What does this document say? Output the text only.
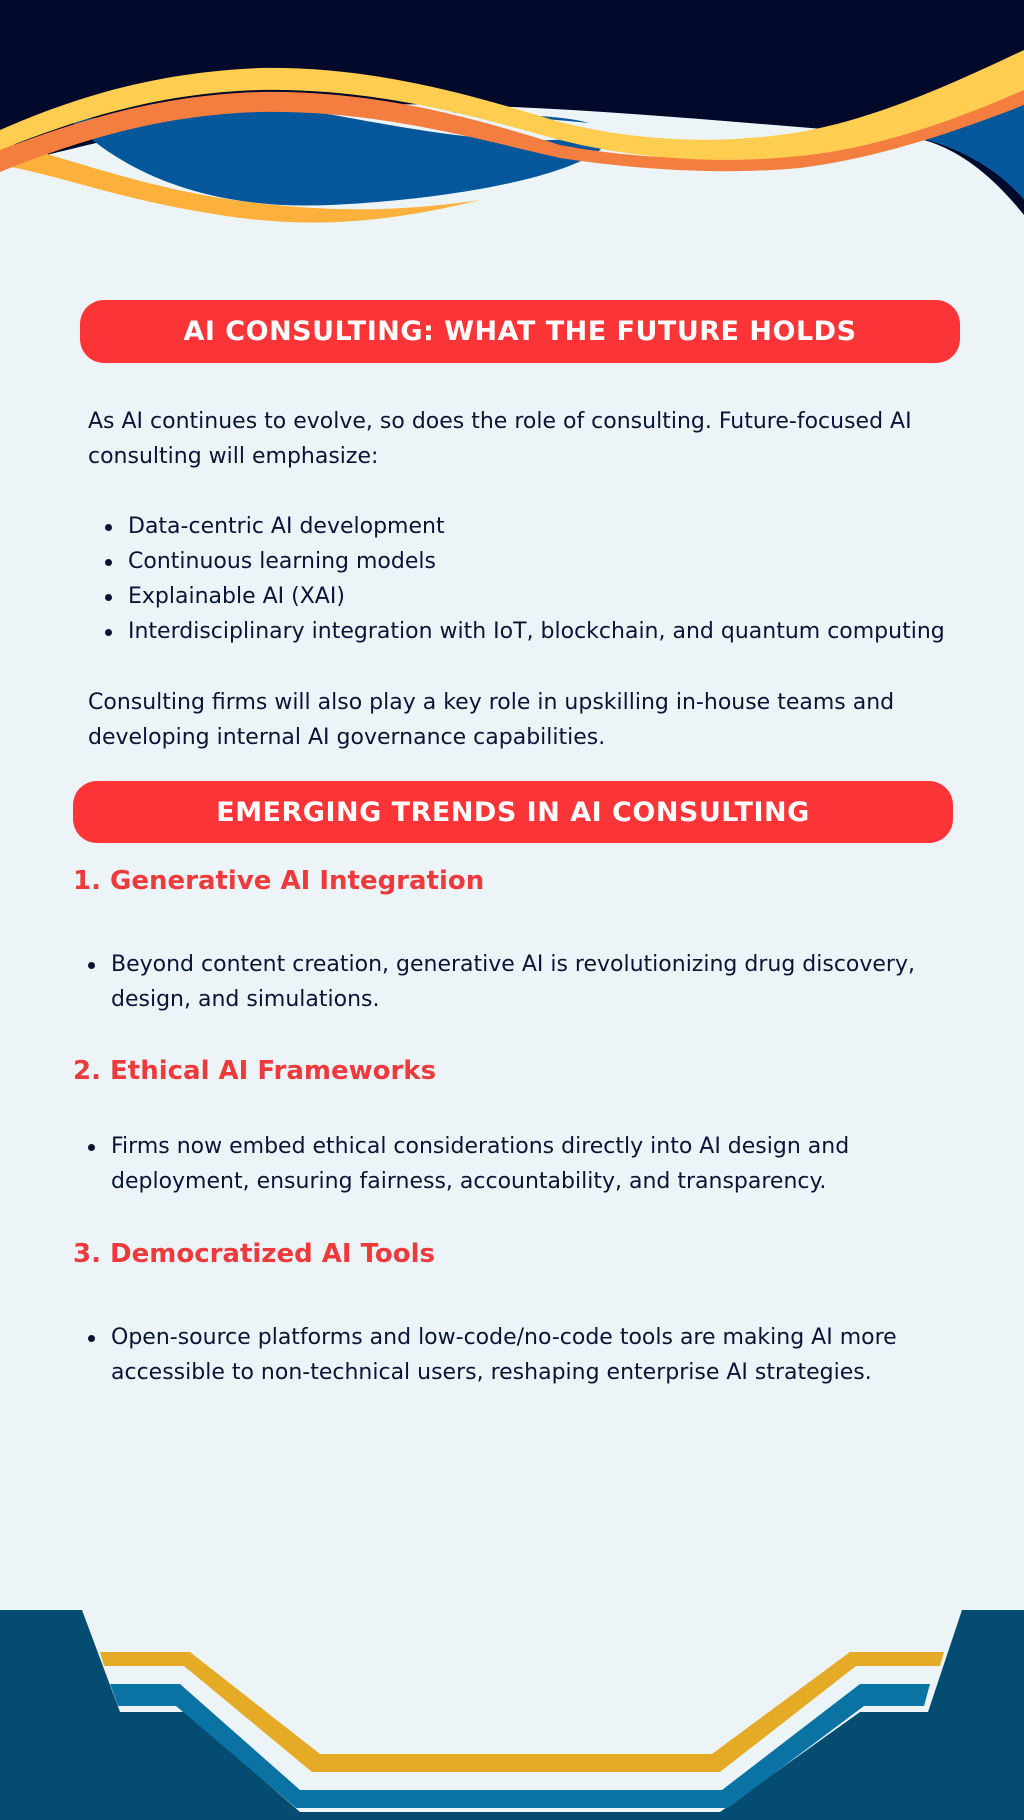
AI CONSULTING: WHAT THE FUTURE HOLDS

As AI continues to evolve, so does the role of consulting. Future-focused AI consulting will emphasize:

Data-centric AI development
Continuous learning models
Explainable AI (XAI)
Interdisciplinary integration with IoT, blockchain, and quantum computing

Consulting firms will also play a key role in upskilling in-house teams and developing internal AI governance capabilities.

EMERGING TRENDS IN AI CONSULTING
1. Generative AI Integration
Beyond content creation, generative AI is revolutionizing drug discovery, design, and simulations.
2. Ethical AI Frameworks
Firms now embed ethical considerations directly into AI design and deployment, ensuring fairness, accountability, and transparency.
3. Democratized AI Tools
Open-source platforms and low-code/no-code tools are making AI more accessible to non-technical users, reshaping enterprise AI strategies.
